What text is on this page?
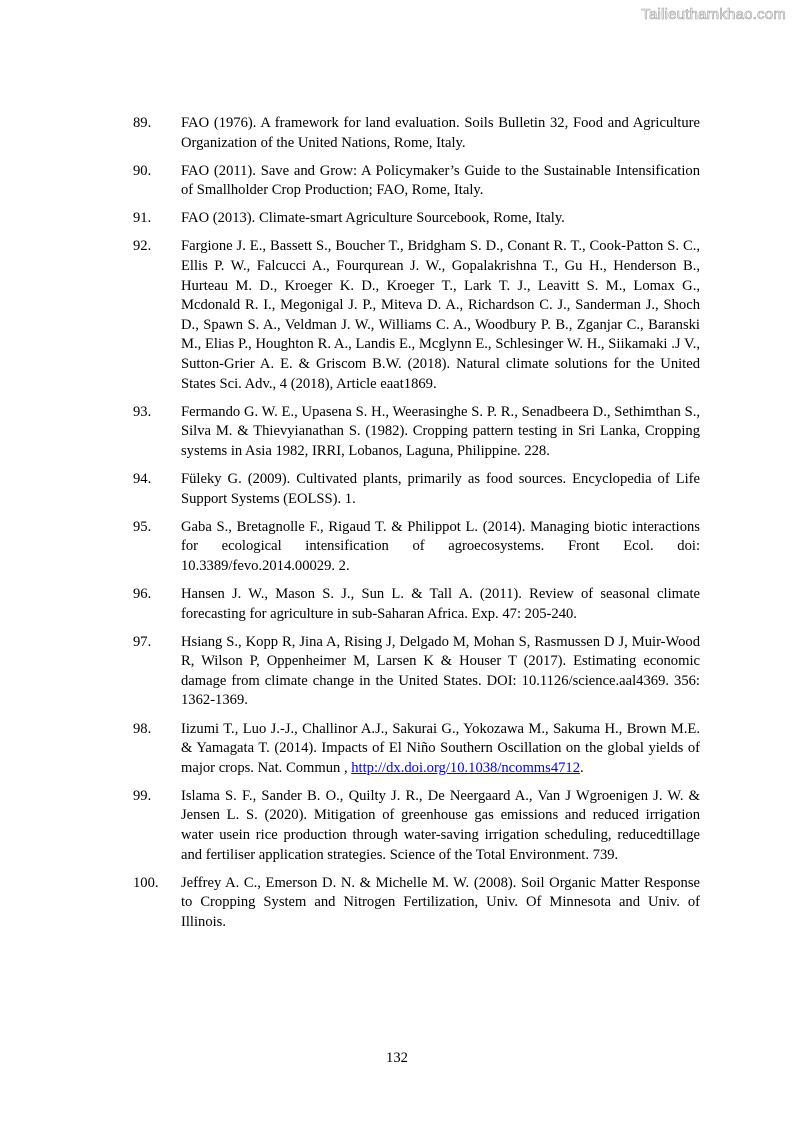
Tailieuthamkhao.com
89.	FAO (1976). A framework for land evaluation. Soils Bulletin 32, Food and Agriculture Organization of the United Nations, Rome, Italy.
90.	FAO (2011). Save and Grow: A Policymaker’s Guide to the Sustainable Intensification of Smallholder Crop Production; FAO, Rome, Italy.
91.	FAO (2013). Climate-smart Agriculture Sourcebook, Rome, Italy.
92.	Fargione J. E., Bassett S., Boucher T., Bridgham S. D., Conant R. T., Cook-Patton S. C., Ellis P. W., Falcucci A., Fourqurean J. W., Gopalakrishna T., Gu H., Henderson B., Hurteau M. D., Kroeger K. D., Kroeger T., Lark T. J., Leavitt S. M., Lomax G., Mcdonald R. I., Megonigal J. P., Miteva D. A., Richardson C. J., Sanderman J., Shoch D., Spawn S. A., Veldman J. W., Williams C. A., Woodbury P. B., Zganjar C., Baranski M., Elias P., Houghton R. A., Landis E., Mcglynn E., Schlesinger W. H., Siikamaki .J V., Sutton-Grier A. E. & Griscom B.W. (2018). Natural climate solutions for the United States Sci. Adv., 4 (2018), Article eaat1869.
93.	Fermando G. W. E., Upasena S. H., Weerasinghe S. P. R., Senadbeera D., Sethimthan S., Silva M. & Thievyianathan S. (1982). Cropping pattern testing in Sri Lanka, Cropping systems in Asia 1982, IRRI, Lobanos, Laguna, Philippine. 228.
94.	Füleky G. (2009). Cultivated plants, primarily as food sources. Encyclopedia of Life Support Systems (EOLSS). 1.
95.	Gaba S., Bretagnolle F., Rigaud T. & Philippot L. (2014). Managing biotic interactions for ecological intensification of agroecosystems. Front Ecol. doi: 10.3389/fevo.2014.00029. 2.
96.	Hansen J. W., Mason S. J., Sun L. & Tall A. (2011). Review of seasonal climate forecasting for agriculture in sub-Saharan Africa. Exp. 47: 205-240.
97.	Hsiang S., Kopp R, Jina A, Rising J, Delgado M, Mohan S, Rasmussen D J, Muir-Wood R, Wilson P, Oppenheimer M, Larsen K & Houser T (2017). Estimating economic damage from climate change in the United States. DOI: 10.1126/science.aal4369. 356: 1362-1369.
98.	Iizumi T., Luo J.-J., Challinor A.J., Sakurai G., Yokozawa M., Sakuma H., Brown M.E. & Yamagata T. (2014). Impacts of El Niño Southern Oscillation on the global yields of major crops. Nat. Commun , http://dx.doi.org/10.1038/ncomms4712.
99.	Islama S. F., Sander B. O., Quilty J. R., De Neergaard A., Van J Wgroenigen J. W. & Jensen L. S. (2020). Mitigation of greenhouse gas emissions and reduced irrigation water usein rice production through water-saving irrigation scheduling, reducedtillage and fertiliser application strategies. Science of the Total Environment. 739.
100.	Jeffrey A. C., Emerson D. N. & Michelle M. W. (2008). Soil Organic Matter Response to Cropping System and Nitrogen Fertilization, Univ. Of Minnesota and Univ. of Illinois.
132
